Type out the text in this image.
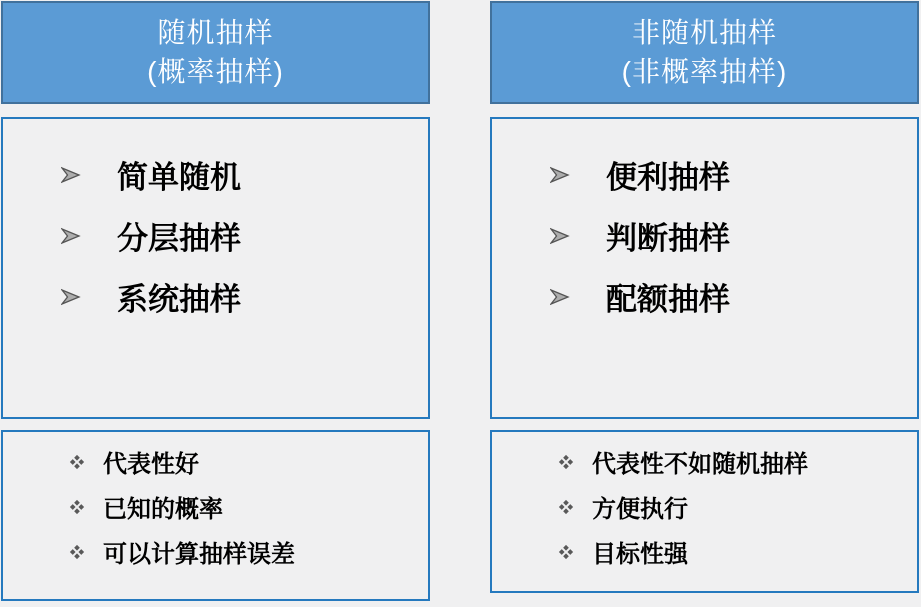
随机抽样
(概率抽样)
简单随机
分层抽样
系统抽样
代表性好
已知的概率
可以计算抽样误差
非随机抽样
(非概率抽样)
便利抽样
判断抽样
配额抽样
代表性不如随机抽样
方便执行
目标性强
